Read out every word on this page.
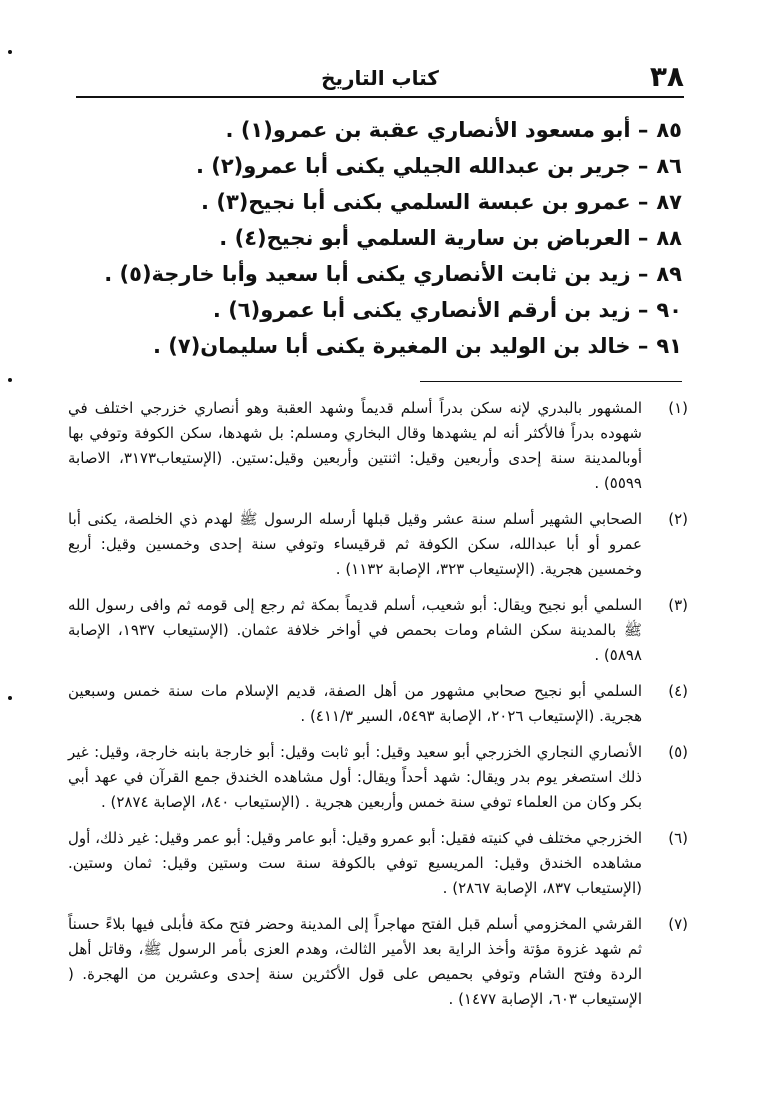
٣٨
كتاب التاريخ
٨٥– أبو مسعود الأنصاري عقبة بن عمرو(١) .
٨٦– جرير بن عبدالله الجيلي يكنى أبا عمرو(٢) .
٨٧– عمرو بن عبسة السلمي بكنى أبا نجيح(٣) .
٨٨– العرباض بن سارية السلمي أبو نجيح(٤) .
٨٩– زيد بن ثابت الأنصاري يكنى أبا سعيد وأبا خارجة(٥) .
٩٠– زيد بن أرقم الأنصاري يكنى أبا عمرو(٦) .
٩١– خالد بن الوليد بن المغيرة يكنى أبا سليمان(٧) .
(١)
المشهور بالبدري لإنه سكن بدراً أسلم قديماً وشهد العقبة وهو أنصاري خزرجي اختلف في شهوده بدراً فالأكثر أنه لم يشهدها وقال البخاري ومسلم: بل شهدها، سكن الكوفة وتوفي بها أوبالمدينة سنة إحدى وأربعين وقيل: اثنتين وأربعين وقيل:ستين. (الإستيعاب٣١٧٣، الاصابة ٥٥٩٩) .
(٢)
الصحابي الشهير أسلم سنة عشر وقيل قبلها أرسله الرسول ﷺ لهدم ذي الخلصة، يكنى أبا عمرو أو أبا عبدالله، سكن الكوفة ثم قرقيساء وتوفي سنة إحدى وخمسين وقيل: أربع وخمسين هجرية. (الإستيعاب ٣٢٣، الإصابة ١١٣٢) .
(٣)
السلمي أبو نجيح ويقال: أبو شعيب، أسلم قديماً بمكة ثم رجع إلى قومه ثم وافى رسول الله ﷺ بالمدينة سكن الشام ومات بحمص في أواخر خلافة عثمان. (الإستيعاب ١٩٣٧، الإصابة ٥٨٩٨) .
(٤)
السلمي أبو نجيح صحابي مشهور من أهل الصفة، قديم الإسلام مات سنة خمس وسبعين هجرية. (الإستيعاب ٢٠٢٦، الإصابة ٥٤٩٣، السير ٤١١/٣) .
(٥)
الأنصاري النجاري الخزرجي أبو سعيد وقيل: أبو ثابت وقيل: أبو خارجة بابنه خارجة، وقيل: غير ذلك استصغر يوم بدر ويقال: شهد أحداً ويقال: أول مشاهده الخندق جمع القرآن في عهد أبي بكر وكان من العلماء توفي سنة خمس وأربعين هجرية . (الإستيعاب ٨٤٠، الإصابة ٢٨٧٤) .
(٦)
الخزرجي مختلف في كنيته فقيل: أبو عمرو وقيل: أبو عامر وقيل: أبو عمر وقيل: غير ذلك، أول مشاهده الخندق وقيل: المريسيع توفي بالكوفة سنة ست وستين وقيل: ثمان وستين. (الإستيعاب ٨٣٧، الإصابة ٢٨٦٧) .
(٧)
القرشي المخزومي أسلم قبل الفتح مهاجراً إلى المدينة وحضر فتح مكة فأبلى فيها بلاءً حسناً ثم شهد غزوة مؤتة وأخذ الراية بعد الأمير الثالث، وهدم العزى بأمر الرسول ﷺ، وقاتل أهل الردة وفتح الشام وتوفي بحميص على قول الأكثرين سنة إحدى وعشرين من الهجرة. ( الإستيعاب ٦٠٣، الإصابة ١٤٧٧) .
